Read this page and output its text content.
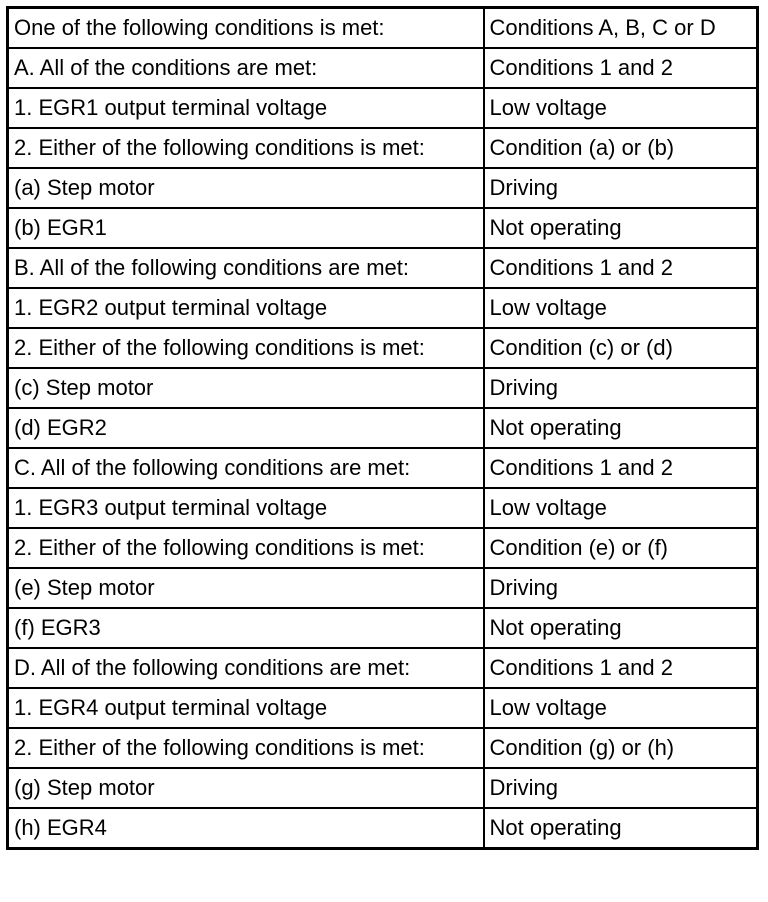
One of the following conditions is met:	Conditions A, B, C or D
A. All of the conditions are met:	Conditions 1 and 2
1. EGR1 output terminal voltage	Low voltage
2. Either of the following conditions is met:	Condition (a) or (b)
(a) Step motor	Driving
(b) EGR1	Not operating
B. All of the following conditions are met:	Conditions 1 and 2
1. EGR2 output terminal voltage	Low voltage
2. Either of the following conditions is met:	Condition (c) or (d)
(c) Step motor	Driving
(d) EGR2	Not operating
C. All of the following conditions are met:	Conditions 1 and 2
1. EGR3 output terminal voltage	Low voltage
2. Either of the following conditions is met:	Condition (e) or (f)
(e) Step motor	Driving
(f) EGR3	Not operating
D. All of the following conditions are met:	Conditions 1 and 2
1. EGR4 output terminal voltage	Low voltage
2. Either of the following conditions is met:	Condition (g) or (h)
(g) Step motor	Driving
(h) EGR4	Not operating
